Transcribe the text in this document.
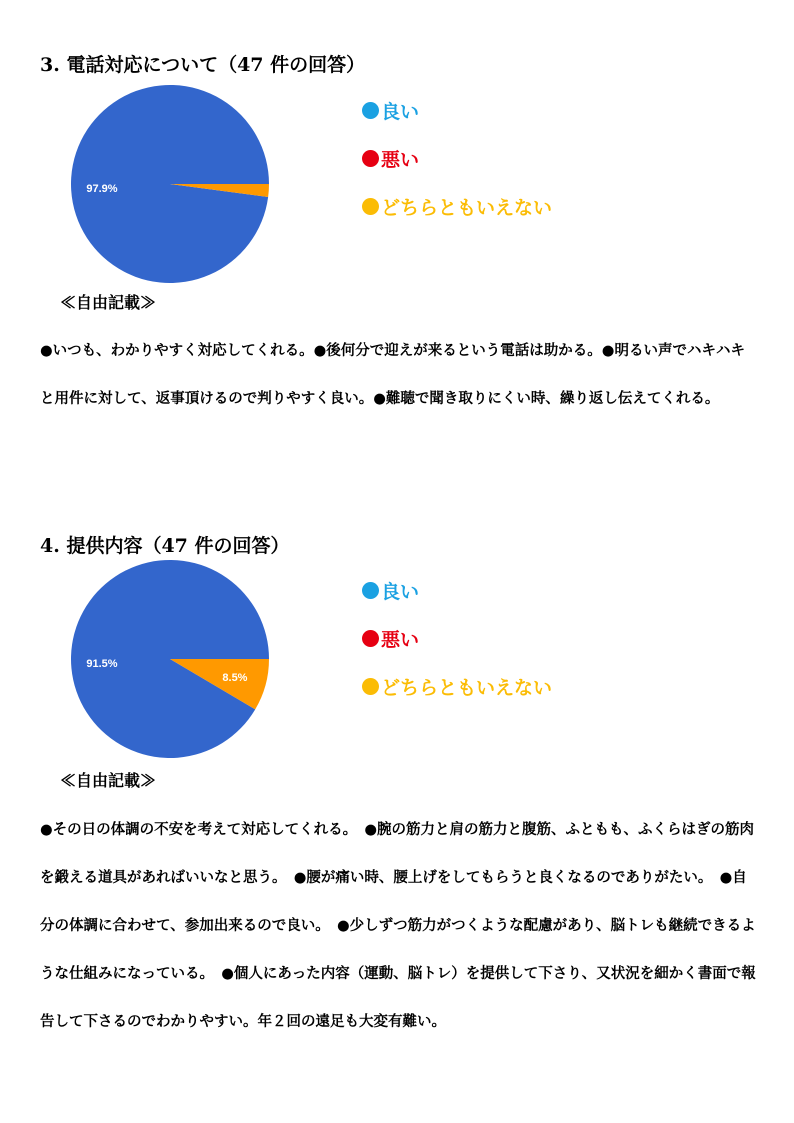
3. 電話対応について（47 件の回答）
97.9%
良い
悪い
どちらともいえない
≪自由記載≫

●いつも、わかりやすく対応してくれる。●後何分で迎えが来るという電話は助かる。●明るい声でハキハキと用件に対して、返事頂けるので判りやすく良い。●難聴で聞き取りにくい時、繰り返し伝えてくれる。

4. 提供内容（47 件の回答）
91.5%
8.5%
良い
悪い
どちらともいえない
≪自由記載≫

●その日の体調の不安を考えて対応してくれる。　●腕の筋力と肩の筋力と腹筋、ふともも、ふくらはぎの筋肉を鍛える道具があればいいなと思う。　●腰が痛い時、腰上げをしてもらうと良くなるのでありがたい。　●自分の体調に合わせて、参加出来るので良い。　●少しずつ筋力がつくような配慮があり、脳トレも継続できるような仕組みになっている。　●個人にあった内容（運動、脳トレ）を提供して下さり、又状況を細かく書面で報告して下さるのでわかりやすい。年２回の遠足も大変有難い。
